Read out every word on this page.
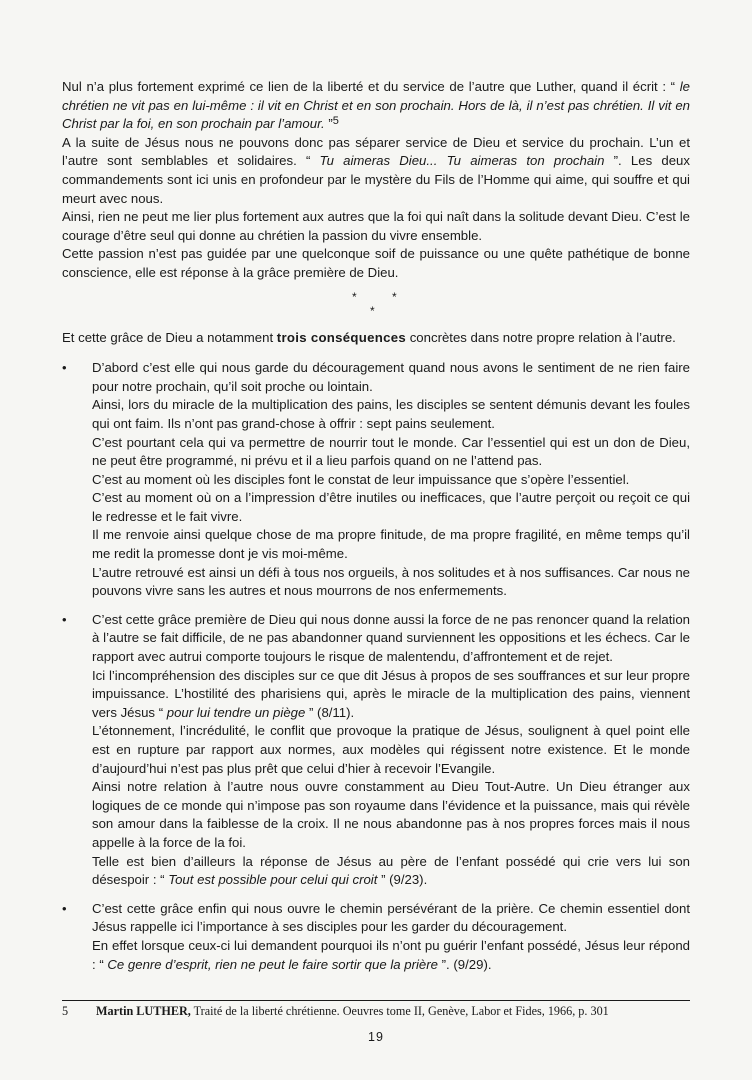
Nul n’a plus fortement exprimé ce lien de la liberté et du service de l’autre que Luther, quand il écrit : “ le chrétien ne vit pas en lui-même : il vit en Christ et en son prochain. Hors de là, il n’est pas chrétien. Il vit en Christ par la foi, en son prochain par l’amour. ”$^5$

A la suite de Jésus nous ne pouvons donc pas séparer service de Dieu et service du prochain. L’un et l’autre sont semblables et solidaires. “ Tu aimeras Dieu... Tu aimeras ton prochain ”. Les deux commandements sont ici unis en profondeur par le mystère du Fils de l’Homme qui aime, qui souffre et qui meurt avec nous.

Ainsi, rien ne peut me lier plus fortement aux autres que la foi qui naît dans la solitude devant Dieu. C’est le courage d’être seul qui donne au chrétien la passion du vivre ensemble.

Cette passion n’est pas guidée par une quelconque soif de puissance ou une quête pathétique de bonne conscience, elle est réponse à la grâce première de Dieu.

*	*
*

Et cette grâce de Dieu a notamment trois conséquences concrètes dans notre propre relation à l’autre.

• D’abord c’est elle qui nous garde du découragement quand nous avons le sentiment de ne rien faire pour notre prochain, qu’il soit proche ou lointain.

Ainsi, lors du miracle de la multiplication des pains, les disciples se sentent démunis devant les foules qui ont faim. Ils n’ont pas grand-chose à offrir : sept pains seulement.

C’est pourtant cela qui va permettre de nourrir tout le monde. Car l’essentiel qui est un don de Dieu, ne peut être programmé, ni prévu et il a lieu parfois quand on ne l’attend pas.

C’est au moment où les disciples font le constat de leur impuissance que s’opère l’essentiel.

C’est au moment où on a l’impression d’être inutiles ou inefficaces, que l’autre perçoit ou reçoit ce qui le redresse et le fait vivre.

Il me renvoie ainsi quelque chose de ma propre finitude, de ma propre fragilité, en même temps qu’il me redit la promesse dont je vis moi-même.

L’autre retrouvé est ainsi un défi à tous nos orgueils, à nos solitudes et à nos suffisances. Car nous ne pouvons vivre sans les autres et nous mourrons de nos enfermements.

• C’est cette grâce première de Dieu qui nous donne aussi la force de ne pas renoncer quand la relation à l’autre se fait difficile, de ne pas abandonner quand surviennent les oppositions et les échecs. Car le rapport avec autrui comporte toujours le risque de malentendu, d’affrontement et de rejet.

Ici l’incompréhension des disciples sur ce que dit Jésus à propos de ses souffrances et sur leur propre impuissance. L’hostilité des pharisiens qui, après le miracle de la multiplication des pains, viennent vers Jésus “ pour lui tendre un piège ” (8/11).

L’étonnement, l’incrédulité, le conflit que provoque la pratique de Jésus, soulignent à quel point elle est en rupture par rapport aux normes, aux modèles qui régissent notre existence. Et le monde d’aujourd’hui n’est pas plus prêt que celui d’hier à recevoir l’Evangile.

Ainsi notre relation à l’autre nous ouvre constamment au Dieu Tout-Autre. Un Dieu étranger aux logiques de ce monde qui n’impose pas son royaume dans l’évidence et la puissance, mais qui révèle son amour dans la faiblesse de la croix. Il ne nous abandonne pas à nos propres forces mais il nous appelle à la force de la foi.

Telle est bien d’ailleurs la réponse de Jésus au père de l’enfant possédé qui crie vers lui son désespoir : “ Tout est possible pour celui qui croit ” (9/23).

• C’est cette grâce enfin qui nous ouvre le chemin persévérant de la prière. Ce chemin essentiel dont Jésus rappelle ici l’importance à ses disciples pour les garder du découragement.

En effet lorsque ceux-ci lui demandent pourquoi ils n’ont pu guérir l’enfant possédé, Jésus leur répond : “ Ce genre d’esprit, rien ne peut le faire sortir que la prière ”. (9/29).

5 Martin LUTHER, Traité de la liberté chrétienne. Oeuvres tome II, Genève, Labor et Fides, 1966, p. 301
19
